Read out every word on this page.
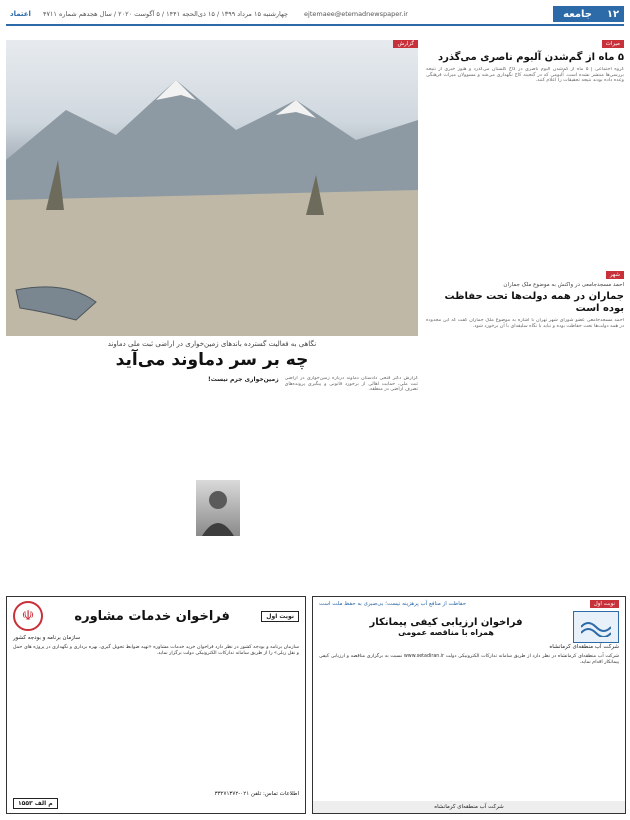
۱۲
جامعه
ejtemaee@etemadnewspaper.ir
چهارشنبه ۱۵ مرداد ۱۳۹۹ / ۱۵ ذی‌الحجه ۱۴۴۱ / ۵ آگوست ۲۰۲۰ / سال هجدهم شماره ۴۷۱۱
اعتماد
میراث
۵ ماه از گم‌شدن آلبوم ناصری می‌گذرد
گروه اجتماعی | ۵ ماه از گم‌شدن آلبوم ناصری در کاخ گلستان می‌گذرد و هنوز خبری از نتیجه بررسی‌ها منتشر نشده است. آلبومی که در گنجینه کاخ نگهداری می‌شد و مسوولان میراث فرهنگی وعده داده بودند نتیجه تحقیقات را اعلام کنند.
شهر
احمد مسجدجامعی در واکنش به موضوع ملک جماران
جماران در همه دولت‌ها تحت حفاظت بوده است
احمد مسجدجامعی عضو شورای شهر تهران با اشاره به موضوع ملک جماران گفت که این محدوده در همه دولت‌ها تحت حفاظت بوده و نباید با نگاه سلیقه‌ای با آن برخورد شود.
گزارش
نگاهی به فعالیت گسترده باندهای زمین‌خواری در اراضی ثبت ملی دماوند
چه بر سر دماوند می‌آید
گزارش دکتر فتحی دادستان دماوند درباره زمین‌خواری در اراضی ثبت ملی، حمایت اهالی از برخورد قانونی و پیگیری پرونده‌های تصرف اراضی در منطقه.
زمین‌خواری جرم نیست!
نوبت اول
فراخوان خدمات مشاوره
☫
سازمان برنامه و بودجه کشور
سازمان برنامه و بودجه کشور در نظر دارد فراخوان خرید خدمات مشاوره «تهیه ضوابط تحویل گیری، بهره برداری و نگهداری در پروژه های حمل و نقل ریلی» را از طریق سامانه تدارکات الکترونیکی دولت برگزار نماید.
اطلاعات تماس: تلفن ۰۲۱-۳۳۲۷۱۳۷۲
م الف ۱۵۵۳
نوبت اول
حفاظت از منافع آب پرهزینه نیست؛ بی‌صبری به حفظ ملت است
فراخوان ارزیابی کیفی پیمانکار
همراه با مناقصه عمومی
شرکت آب منطقه‌ای کرمانشاه
شرکت آب منطقه‌ای کرمانشاه در نظر دارد از طریق سامانه تدارکات الکترونیکی دولت www.setadiran.ir نسبت به برگزاری مناقصه و ارزیابی کیفی پیمانکار اقدام نماید.
شرکت آب منطقه‌ای کرمانشاه
